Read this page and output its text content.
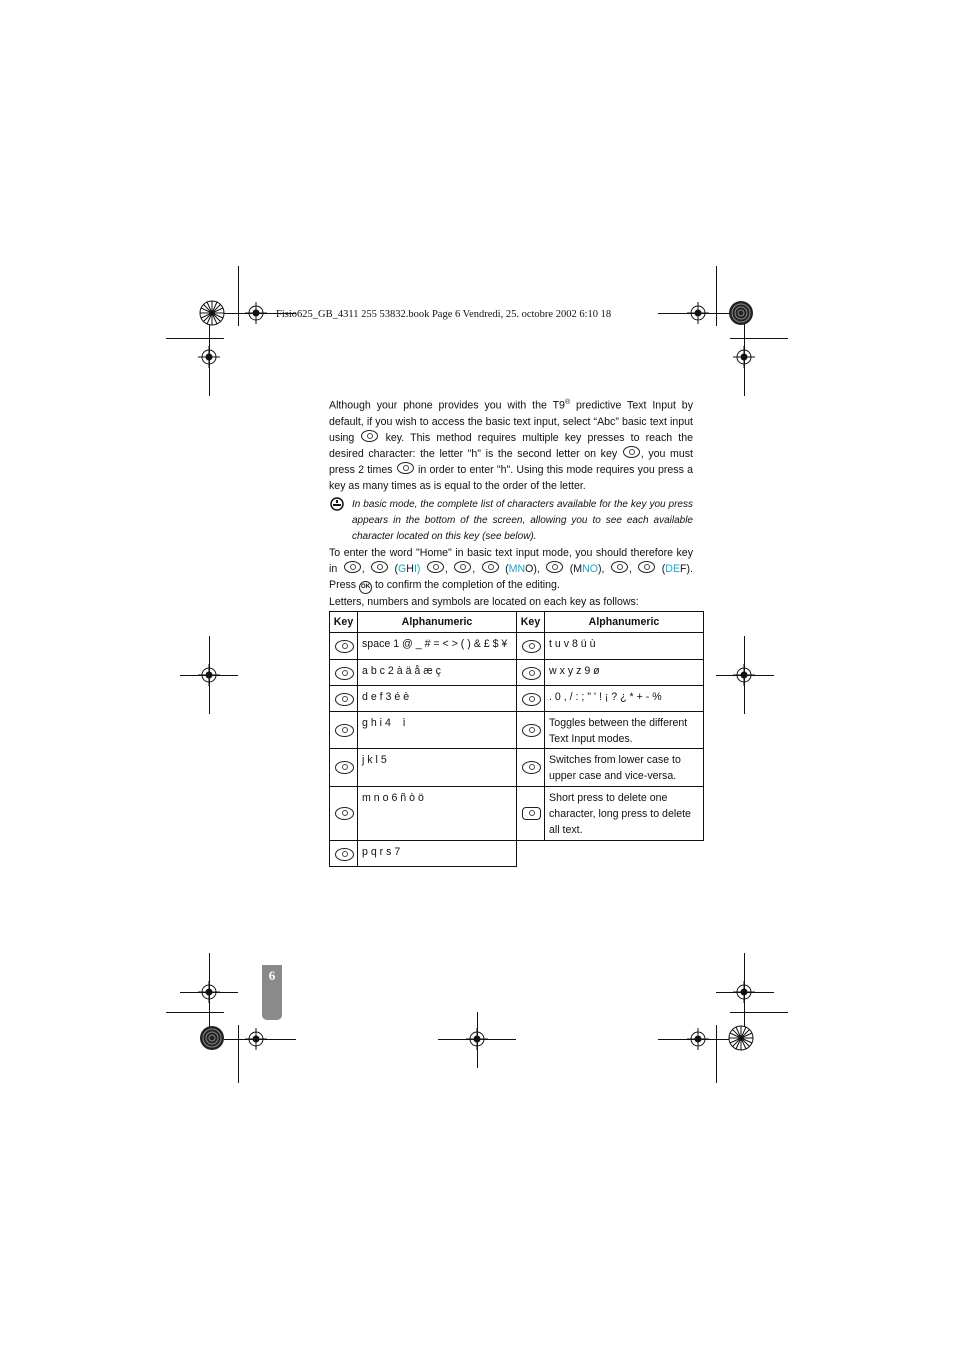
Fisio625_GB_4311 255 53832.book Page 6 Vendredi, 25. octobre 2002 6:10 18

Although your phone provides you with the T9® predictive Text Input by default, if you wish to access the basic text input, select “Abc” basic text input using  key. This method requires multiple key presses to reach the desired character: the letter "h" is the second letter on key , you must press 2 times  in order to enter "h". Using this mode requires you press a key as many times as is equal to the order of the letter.

In basic mode, the complete list of characters available for the key you press appears in the bottom of the screen, allowing you to see each available character located on this key (see below).

To enter the word "Home" in basic text input mode, you should therefore key in ,  (GHI) , ,  (MNO),  (MNO), ,  (DEF). Press OK to confirm the completion of the editing.

Letters, numbers and symbols are located on each key as follows:

Key	Alphanumeric	Key	Alphanumeric

	space 1 @ _ # = < > ( ) & £ $ ¥		t u v 8 ü ù

	a b c 2 à ä å æ ç		w x y z 9 ø

	d e f 3 é è		. 0 , / : ; " ' ! ¡ ? ¿ * + - %

	g h i 4    ì		Toggles between the different Text Input modes.

	j k l 5		Switches from lower case to upper case and vice-versa.

	m n o 6 ñ ò ö		Short press to delete one character, long press to delete all text.

	p q r s 7		
6
